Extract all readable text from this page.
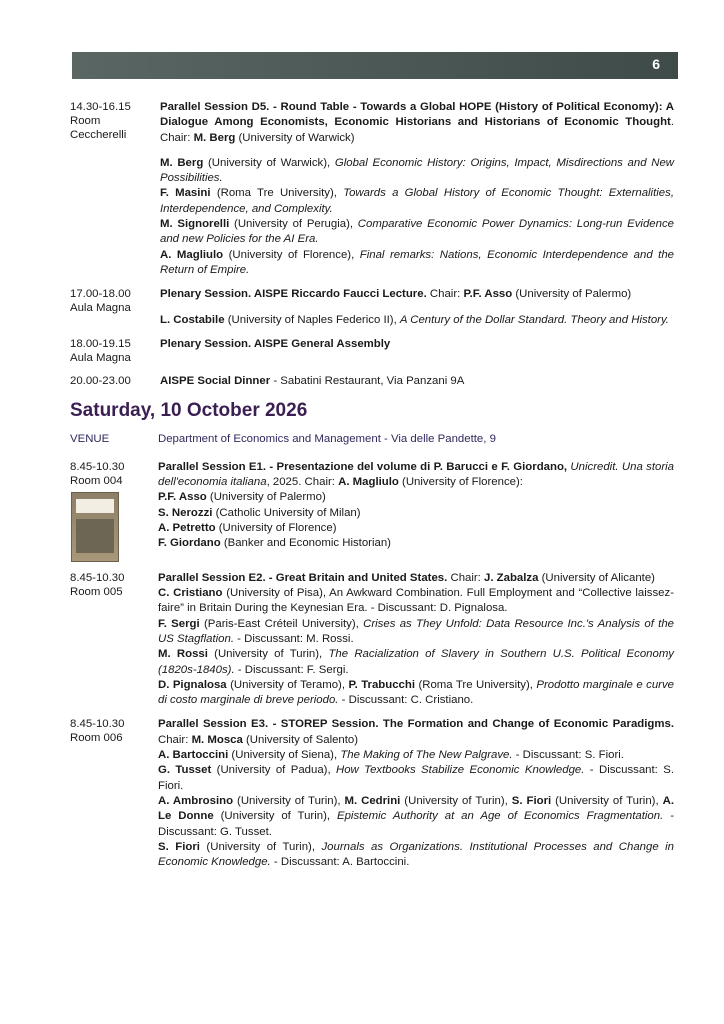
6
14.30-16.15
Room
Ceccherelli
Parallel Session D5. - Round Table - Towards a Global HOPE (History of Political Economy): A Dialogue Among Economists, Economic Historians and Historians of Economic Thought. Chair: M. Berg (University of Warwick)
M. Berg (University of Warwick), Global Economic History: Origins, Impact, Misdirections and New Possibilities.
F. Masini (Roma Tre University), Towards a Global History of Economic Thought: Externalities, Interdependence, and Complexity.
M. Signorelli (University of Perugia), Comparative Economic Power Dynamics: Long-run Evidence and new Policies for the AI Era.
A. Magliulo (University of Florence), Final remarks: Nations, Economic Interdependence and the Return of Empire.
17.00-18.00
Aula Magna
Plenary Session. AISPE Riccardo Faucci Lecture. Chair: P.F. Asso (University of Palermo)
L. Costabile (University of Naples Federico II), A Century of the Dollar Standard. Theory and History.
18.00-19.15
Aula Magna
Plenary Session. AISPE General Assembly
20.00-23.00	AISPE Social Dinner - Sabatini Restaurant, Via Panzani 9A
Saturday, 10 October 2026
VENUE	Department of Economics and Management - Via delle Pandette, 9
8.45-10.30
Room 004
Parallel Session E1. - Presentazione del volume di P. Barucci e F. Giordano, Unicredit. Una storia dell'economia italiana, 2025. Chair: A. Magliulo (University of Florence):
P.F. Asso (University of Palermo)
S. Nerozzi (Catholic University of Milan)
A. Petretto (University of Florence)
F. Giordano (Banker and Economic Historian)
8.45-10.30
Room 005
Parallel Session E2. - Great Britain and United States. Chair: J. Zabalza (University of Alicante)
C. Cristiano (University of Pisa), An Awkward Combination. Full Employment and “Collective laissez-faire” in Britain During the Keynesian Era. - Discussant: D. Pignalosa.
F. Sergi (Paris-East Créteil University), Crises as They Unfold: Data Resource Inc.'s Analysis of the US Stagflation. - Discussant: M. Rossi.
M. Rossi (University of Turin), The Racialization of Slavery in Southern U.S. Political Economy (1820s-1840s). - Discussant: F. Sergi.
D. Pignalosa (University of Teramo), P. Trabucchi (Roma Tre University), Prodotto marginale e curve di costo marginale di breve periodo. - Discussant: C. Cristiano.
8.45-10.30
Room 006
Parallel Session E3. - STOREP Session. The Formation and Change of Economic Paradigms. Chair: M. Mosca (University of Salento)
A. Bartoccini (University of Siena), The Making of The New Palgrave. - Discussant: S. Fiori.
G. Tusset (University of Padua), How Textbooks Stabilize Economic Knowledge. - Discussant: S. Fiori.
A. Ambrosino (University of Turin), M. Cedrini (University of Turin), S. Fiori (University of Turin), A. Le Donne (University of Turin), Epistemic Authority at an Age of Economics Fragmentation. - Discussant: G. Tusset.
S. Fiori (University of Turin), Journals as Organizations. Institutional Processes and Change in Economic Knowledge. - Discussant: A. Bartoccini.
